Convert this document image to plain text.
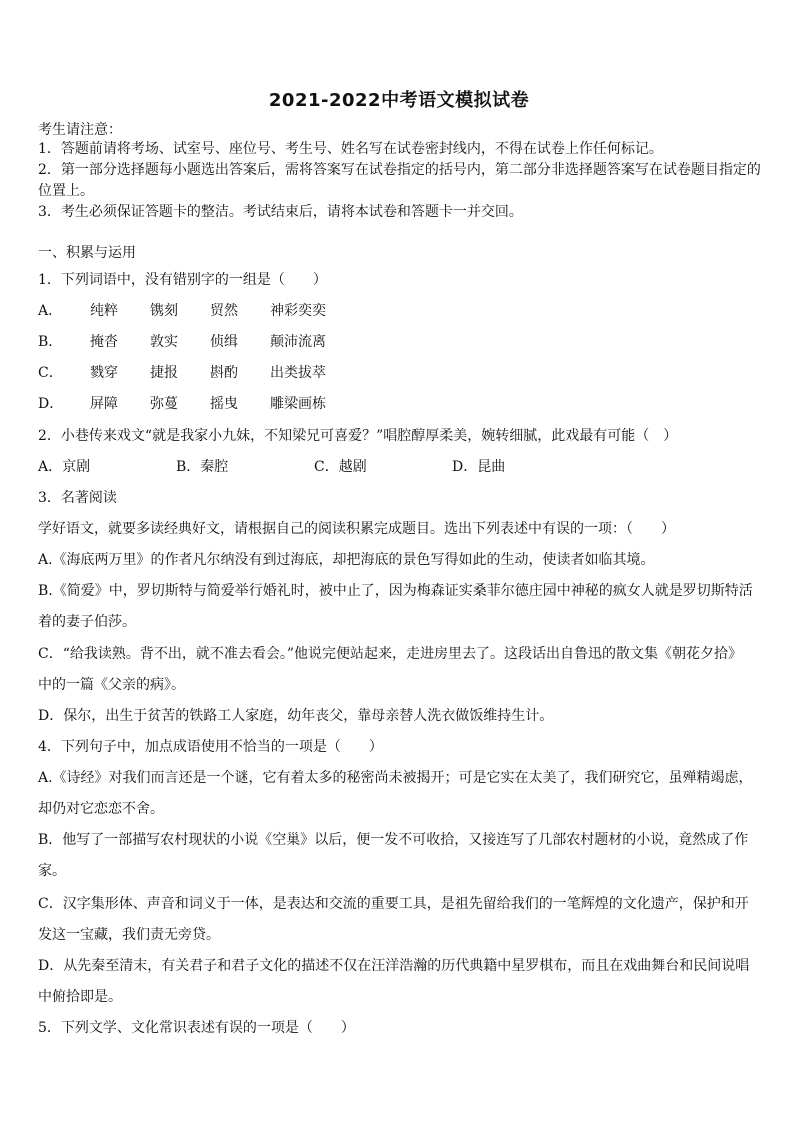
2021-2022中考语文模拟试卷
考生请注意：
1．答题前请将考场、试室号、座位号、考生号、姓名写在试卷密封线内，不得在试卷上作任何标记。
2．第一部分选择题每小题选出答案后，需将答案写在试卷指定的括号内，第二部分非选择题答案写在试卷题目指定的
位置上。
3．考生必须保证答题卡的整洁。考试结束后，请将本试卷和答题卡一并交回。
一、积累与运用
1．下列词语中，没有错别字的一组是（　　）
A． 纯粹 镌刻 贸然 神彩奕奕
B． 掩沓 敦实 侦缉 颠沛流离
C． 戮穿 捷报 斟酌 出类拔萃
D． 屏障 弥蔓 摇曳 雕梁画栋
2．小巷传来戏文“就是我家小九妹，不知梁兄可喜爱？”唱腔醇厚柔美，婉转细腻，此戏最有可能（　）
A．京剧	B．秦腔	C．越剧	D．昆曲
3．名著阅读
学好语文，就要多读经典好文，请根据自己的阅读积累完成题目。选出下列表述中有误的一项：（　　）
A.《海底两万里》的作者凡尔纳没有到过海底，却把海底的景色写得如此的生动，使读者如临其境。
B.《简爱》中，罗切斯特与简爱举行婚礼时，被中止了，因为梅森证实桑菲尔德庄园中神秘的疯女人就是罗切斯特活
着的妻子伯莎。
C．“给我读熟。背不出，就不准去看会。”他说完便站起来，走进房里去了。这段话出自鲁迅的散文集《朝花夕拾》
中的一篇《父亲的病》。
D．保尔，出生于贫苦的铁路工人家庭，幼年丧父，靠母亲替人洗衣做饭维持生计。
4．下列句子中，加点成语使用不恰当的一项是（　　）
A.《诗经》对我们而言还是一个谜，它有着太多的秘密尚未被揭开；可是它实在太美了，我们研究它，虽殚精竭虑，
却仍对它恋恋不舍。
B．他写了一部描写农村现状的小说《空巢》以后，便一发不可收拾，又接连写了几部农村题材的小说，竟然成了作
家。
C．汉字集形体、声音和词义于一体，是表达和交流的重要工具，是祖先留给我们的一笔辉煌的文化遗产，保护和开
发这一宝藏，我们责无旁贷。
D．从先秦至清末，有关君子和君子文化的描述不仅在汪洋浩瀚的历代典籍中星罗棋布，而且在戏曲舞台和民间说唱
中俯拾即是。
5．下列文学、文化常识表述有误的一项是（　　）
